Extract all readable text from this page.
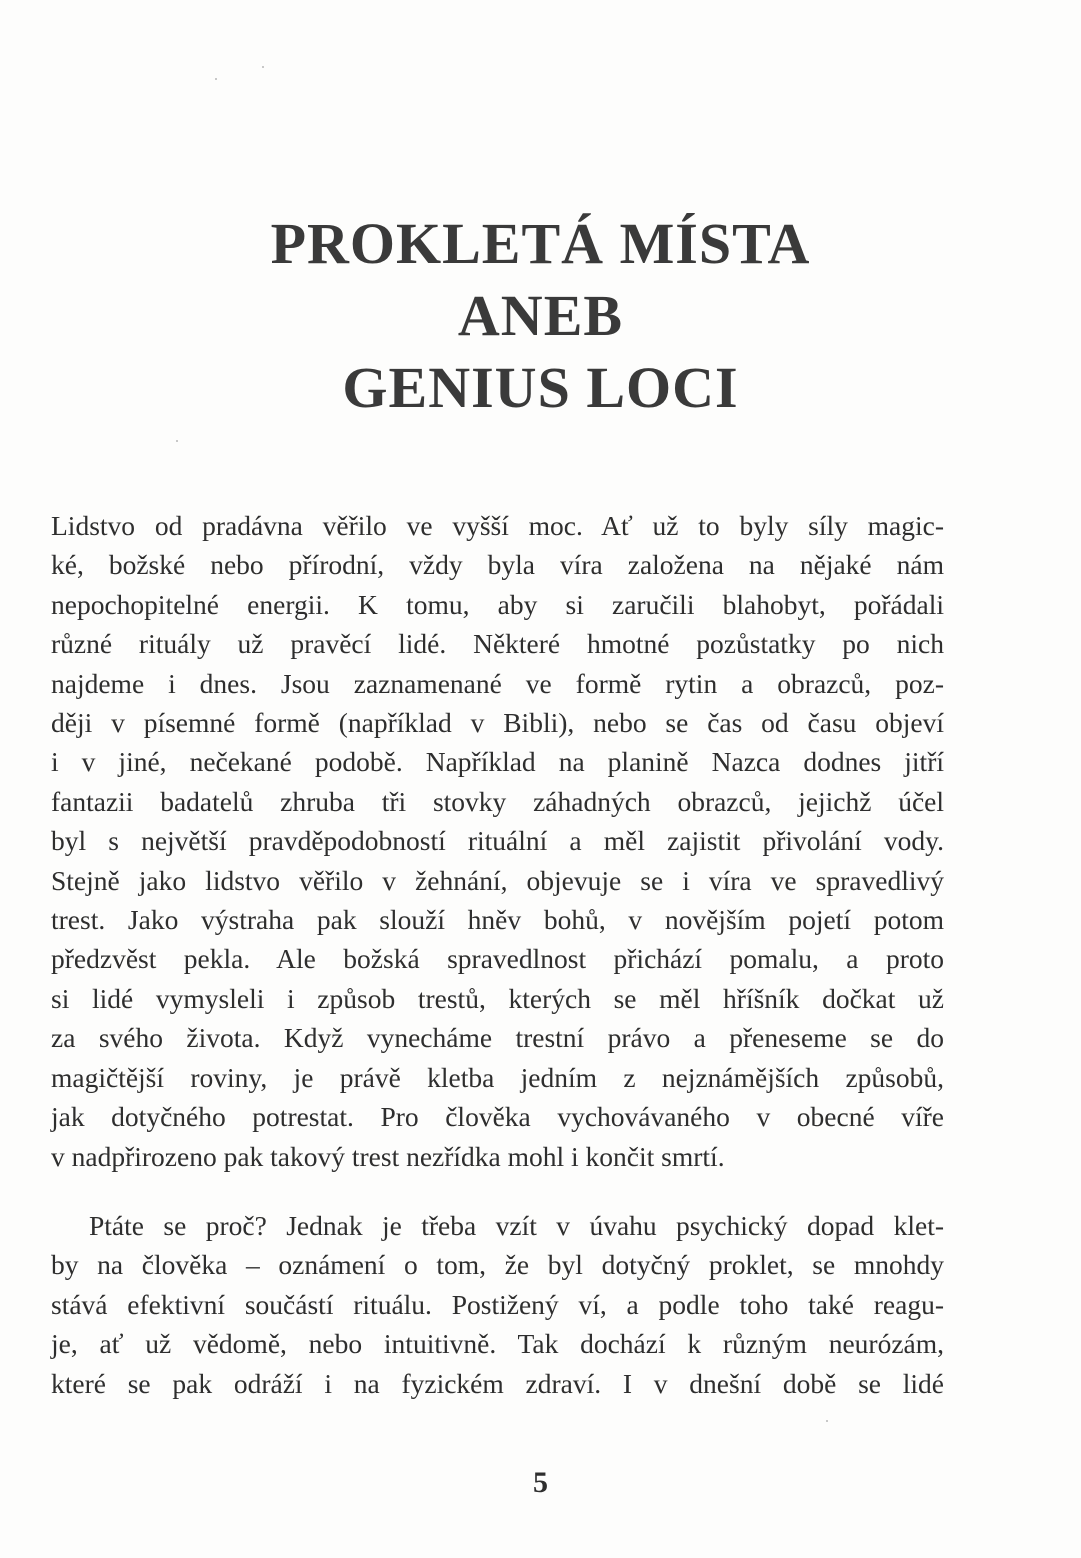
PROKLETÁ MÍSTA
ANEB
GENIUS LOCI
Lidstvo od pradávna věřilo ve vyšší moc. Ať už to byly síly magic-
ké, božské nebo přírodní, vždy byla víra založena na nějaké nám
nepochopitelné energii. K tomu, aby si zaručili blahobyt, pořádali
různé rituály už pravěcí lidé. Některé hmotné pozůstatky po nich
najdeme i dnes. Jsou zaznamenané ve formě rytin a obrazců, poz-
ději v písemné formě (například v Bibli), nebo se čas od času objeví
i v jiné, nečekané podobě. Například na planině Nazca dodnes jitří
fantazii badatelů zhruba tři stovky záhadných obrazců, jejichž účel
byl s největší pravděpodobností rituální a měl zajistit přivolání vody.
Stejně jako lidstvo věřilo v žehnání, objevuje se i víra ve spravedlivý
trest. Jako výstraha pak slouží hněv bohů, v novějším pojetí potom
předzvěst pekla. Ale božská spravedlnost přichází pomalu, a proto
si lidé vymysleli i způsob trestů, kterých se měl hříšník dočkat už
za svého života. Když vynecháme trestní právo a přeneseme se do
magičtější roviny, je právě kletba jedním z nejznámějších způsobů,
jak dotyčného potrestat. Pro člověka vychovávaného v obecné víře
v nadpřirozeno pak takový trest nezřídka mohl i končit smrtí.
Ptáte se proč? Jednak je třeba vzít v úvahu psychický dopad klet-
by na člověka – oznámení o tom, že byl dotyčný proklet, se mnohdy
stává efektivní součástí rituálu. Postižený ví, a podle toho také reagu-
je, ať už vědomě, nebo intuitivně. Tak dochází k různým neurózám,
které se pak odráží i na fyzickém zdraví. I v dnešní době se lidé
5
